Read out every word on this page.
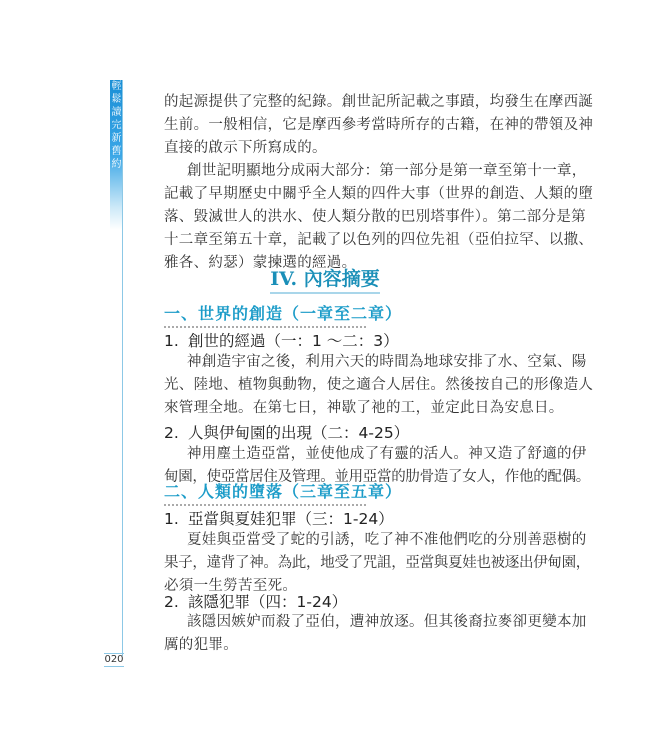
輕
鬆
讀
完
新
舊
約
020
的起源提供了完整的紀錄。創世記所記載之事蹟，均發生在摩西誕
生前。一般相信，它是摩西參考當時所存的古籍，在神的帶領及神
直接的啟示下所寫成的。
創世記明顯地分成兩大部分：第一部分是第一章至第十一章，
記載了早期歷史中關乎全人類的四件大事（世界的創造、人類的墮
落、毀滅世人的洪水、使人類分散的巴別塔事件）。第二部分是第
十二章至第五十章，記載了以色列的四位先祖（亞伯拉罕、以撒、
雅各、約瑟）蒙揀選的經過。
IV. 內容摘要
一、世界的創造（一章至二章）
1. 創世的經過（一：1 ～二：3）
神創造宇宙之後，利用六天的時間為地球安排了水、空氣、陽
光、陸地、植物與動物，使之適合人居住。然後按自己的形像造人
來管理全地。在第七日，神歇了祂的工，並定此日為安息日。
2. 人與伊甸園的出現（二：4-25）
神用塵土造亞當，並使他成了有靈的活人。神又造了舒適的伊
甸園，使亞當居住及管理。並用亞當的肋骨造了女人，作他的配偶。
二、人類的墮落（三章至五章）
1. 亞當與夏娃犯罪（三：1-24）
夏娃與亞當受了蛇的引誘，吃了神不准他們吃的分別善惡樹的
果子，違背了神。為此，地受了咒詛，亞當與夏娃也被逐出伊甸園，
必須一生勞苦至死。
2. 該隱犯罪（四：1-24）
該隱因嫉妒而殺了亞伯，遭神放逐。但其後裔拉麥卻更變本加
厲的犯罪。
